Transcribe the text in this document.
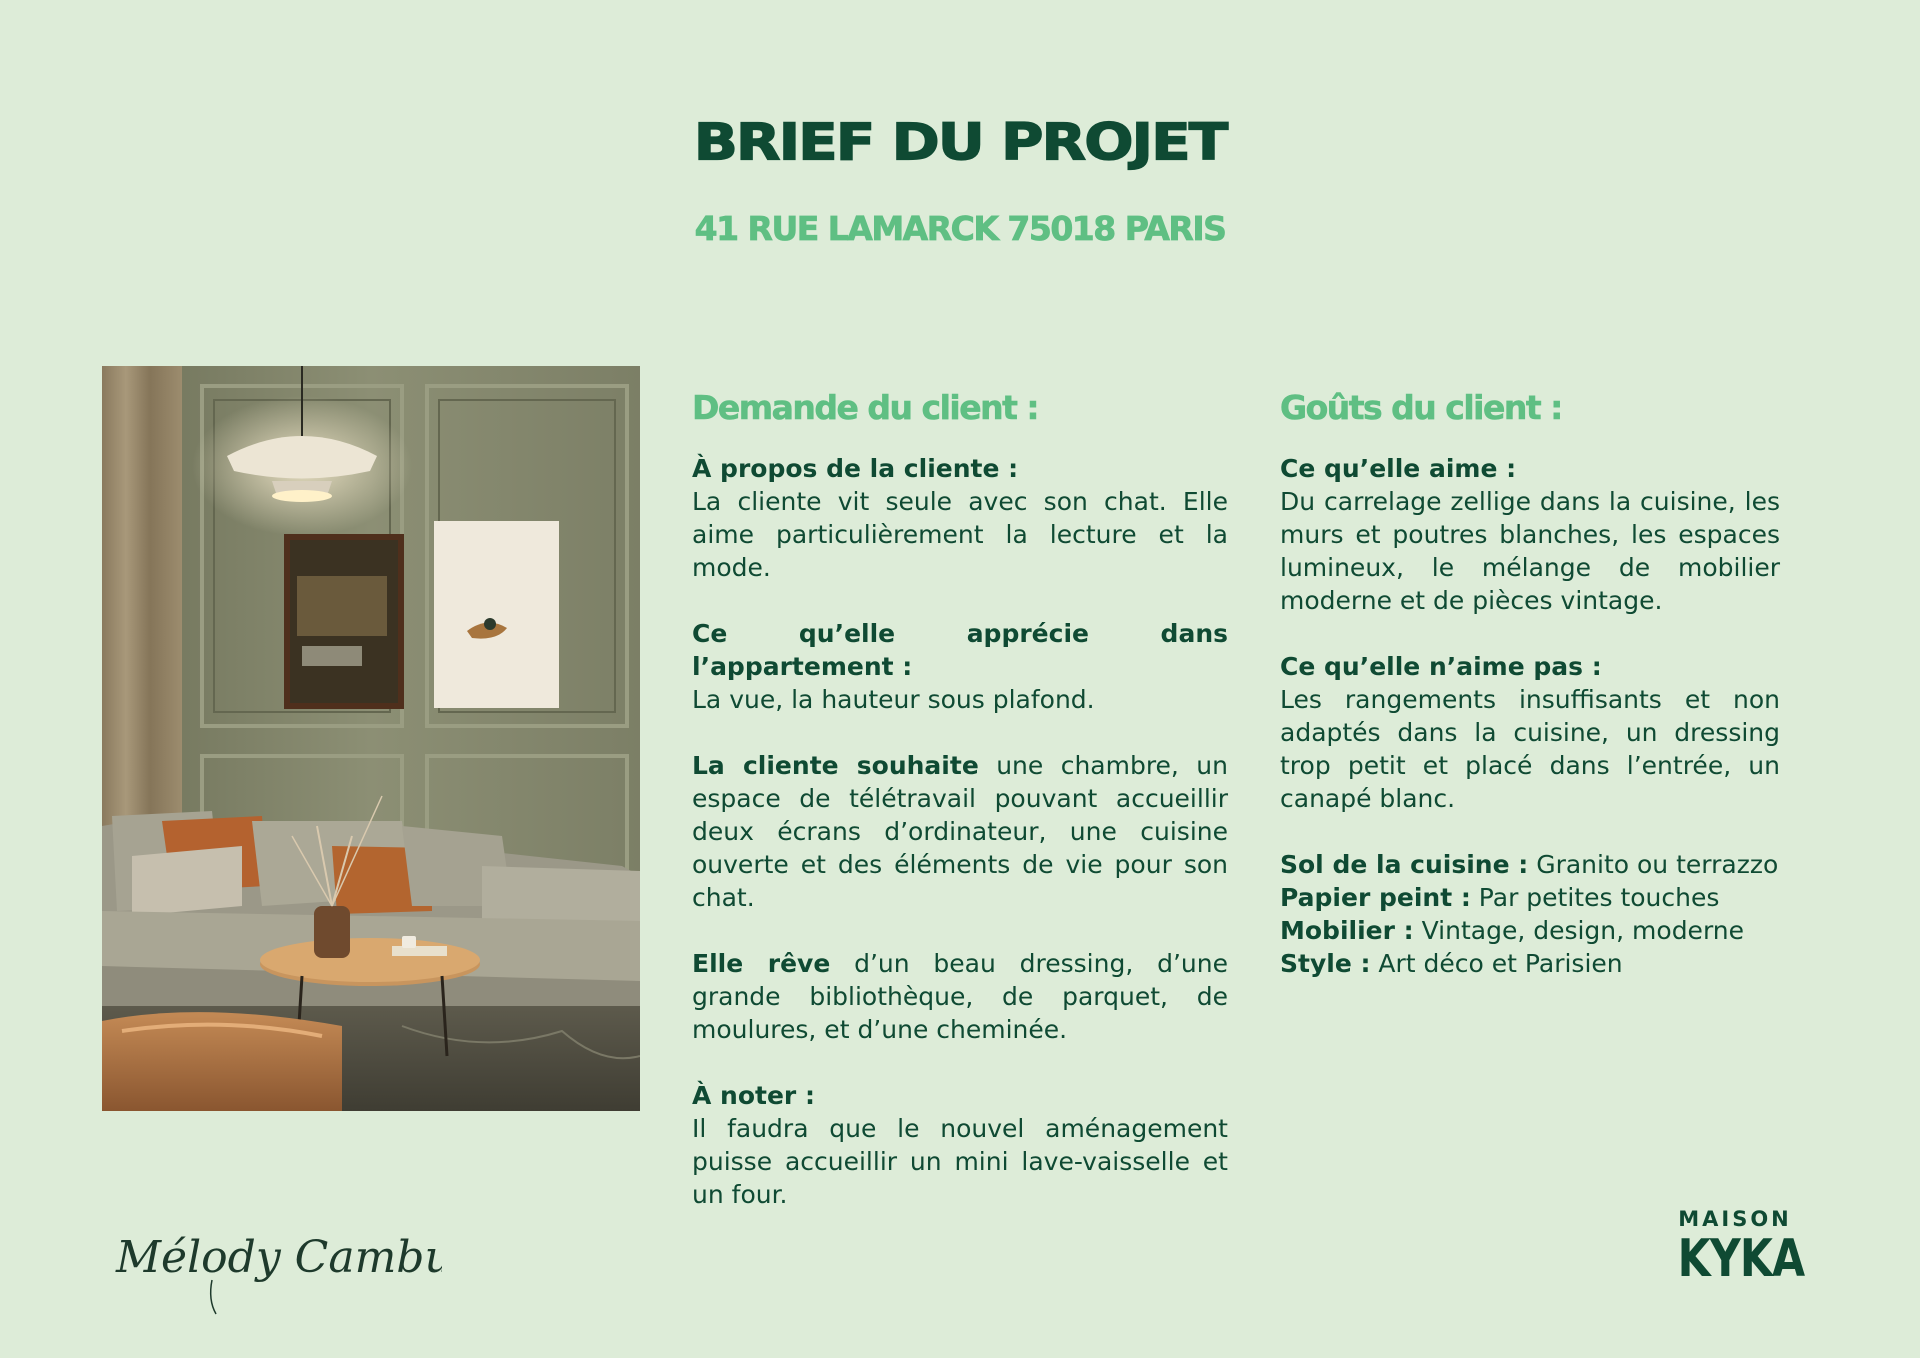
BRIEF DU PROJET
41 RUE LAMARCK 75018 PARIS
Demande du client :
À propos de la cliente :
La cliente vit seule avec son chat. Elle aime particulièrement la lecture et la mode.
Ce qu’elle apprécie dans l’appartement :
La vue, la hauteur sous plafond.
La cliente souhaite une chambre, un espace de télétravail pouvant accueillir deux écrans d’ordinateur, une cuisine ouverte et des éléments de vie pour son chat.
Elle rêve d’un beau dressing, d’une grande bibliothèque, de parquet, de moulures, et d’une cheminée.
À noter :
Il faudra que le nouvel aménagement puisse accueillir un mini lave-vaisselle et un four.
Goûts du client :
Ce qu’elle aime :
Du carrelage zellige dans la cuisine, les murs et poutres blanches, les espaces lumineux, le mélange de mobilier moderne et de pièces vintage.
Ce qu’elle n’aime pas :
Les rangements insuffisants et non adaptés dans la cuisine, un dressing trop petit et placé dans l’entrée, un canapé blanc.
Sol de la cuisine : Granito ou terrazzo
Papier peint : Par petites touches
Mobilier : Vintage, design, moderne
Style : Art déco et Parisien
Mélody Cambur
MAISON
KYKA
